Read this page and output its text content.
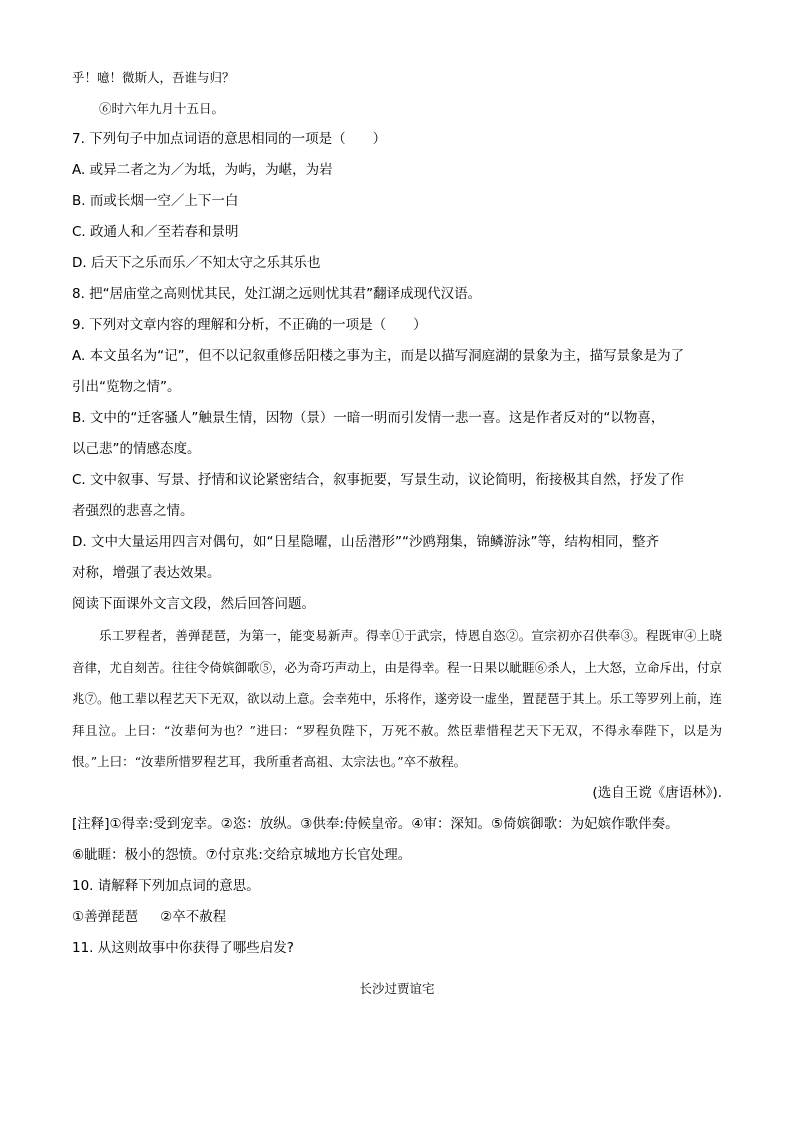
乎！噫！微斯人，吾谁与归？
⑥时六年九月十五日。
7. 下列句子中加点词语的意思相同的一项是（　　）
A. 或异二者之为／为坻，为屿，为嵁，为岩
B. 而或长烟一空／上下一白
C. 政通人和／至若春和景明
D. 后天下之乐而乐／不知太守之乐其乐也
8. 把“居庙堂之高则忧其民，处江湖之远则忧其君”翻译成现代汉语。
9. 下列对文章内容的理解和分析，不正确的一项是（　　）
A. 本文虽名为“记”，但不以记叙重修岳阳楼之事为主，而是以描写洞庭湖的景象为主，描写景象是为了
引出“览物之情”。
B. 文中的“迁客骚人”触景生情，因物（景）一暗一明而引发情一悲一喜。这是作者反对的“以物喜，
以己悲”的情感态度。
C. 文中叙事、写景、抒情和议论紧密结合，叙事扼要，写景生动，议论简明，衔接极其自然，抒发了作
者强烈的悲喜之情。
D. 文中大量运用四言对偶句，如“日星隐曜，山岳潜形”“沙鸥翔集，锦鳞游泳”等，结构相同，整齐
对称，增强了表达效果。
阅读下面课外文言文段，然后回答问题。

乐工罗程者，善弹琵琶，为第一，能变易新声。得幸①于武宗，恃恩自恣②。宣宗初亦召供奉③。程既审④上晓音律，尤自刻苦。往往令倚嫔御歌⑤，必为奇巧声动上，由是得幸。程一日果以眦睚⑥杀人，上大怒，立命斥出，付京兆⑦。他工辈以程艺天下无双，欲以动上意。会幸苑中，乐将作，遂旁设一虚坐，置琵琶于其上。乐工等罗列上前，连拜且泣。上曰：“汝辈何为也？”进曰：“罗程负陛下，万死不赦。然臣辈惜程艺天下无双，不得永奉陛下，以是为恨。”上曰：“汝辈所惜罗程艺耳，我所重者高祖、太宗法也。”卒不赦程。

(选自王谠《唐语林》).
[注释]①得幸:受到宠幸。②恣：放纵。③供奉:侍候皇帝。④审：深知。⑤倚嫔御歌：为妃嫔作歌伴奏。
⑥眦睚：极小的怨愤。⑦付京兆:交给京城地方长官处理。
10. 请解释下列加点词的意思。
①善弹琵琶 ②卒不赦程
11. 从这则故事中你获得了哪些启发?
长沙过贾谊宅
